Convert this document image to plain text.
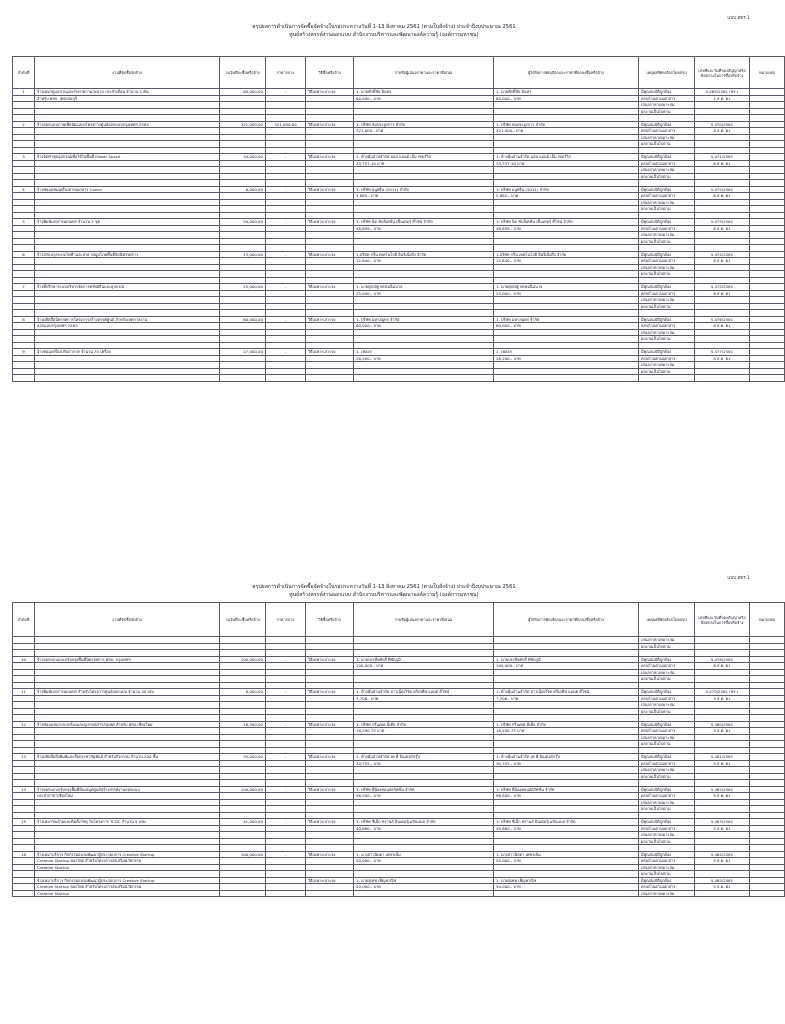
แบบ สขร.1
สรุปผลการดำเนินการจัดซื้อจัดจ้างในรอบระหว่างวันที่ 1-13 สิงหาคม 2561 (ตามใบสั่งจ้าง) ประจำปีงบประมาณ 2561
ศูนย์สร้างสรรค์งานออกแบบ สำนักงานบริหารและพัฒนาองค์ความรู้ (องค์การมหาชน)
ลำดับที่	งานที่จัดซื้อจัดจ้าง	วงเงินที่จะซื้อหรือจ้าง	ราคากลาง	วิธีซื้อหรือจ้าง	รายชื่อผู้เสนอราคาและราคาที่เสนอ	ผู้ได้รับการคัดเลือกและราคาที่ตกลงซื้อหรือจ้าง	เหตุผลที่คัดเลือกโดยสรุป	เลขที่และวันที่ของสัญญาหรือข้อตกลงในการซื้อหรือจ้าง	หมายเหตุ
1	จ้างเหมาดูแลสวนและรักษาความสะอาด ประจำเดือน จำนวน 1 คัน	60,000.00	-	วิธีเฉพาะเจาะจง	1. นายศักดิ์ชัย อินทร	1. นายศักดิ์ชัย อินทร	มีคุณสมบัติถูกต้อง	จ.469/2561 (ขร.)	
	สำหรับ ศสบ. สุพรรณบุรี				60,000.- บาท	60,000.- บาท	ครบถ้วนตามเอกสาร	1 ส.ค. 61	
							เสนอราคาเหมาะสม		
							ผลงานเป็นไปตาม		

2	จ้างออกแบบภาพเพื่อจัดแสดงโครงการศูนย์ออกแบบกรุงเทพฯ 2562	321,000.00	321,000.00	วิธีเฉพาะเจาะจง	1. บริษัท สมประยูรการ จำกัด	1. บริษัท สมประยูรการ จำกัด	มีคุณสมบัติถูกต้อง	จ.470/2561	
					321,000.- บาท	321,000.- บาท	ครบถ้วนตามเอกสาร	8 ส.ค. 61	
							เสนอราคาเหมาะสม		
							ผลงานเป็นไปตาม		

3	จ้างจัดทำชุดอุปกรณ์เพื่อใช้ในพื้นที่ Maker Space	34,000.00	-	วิธีเฉพาะเจาะจง	1. ห้างหุ้นส่วนจำกัด แอล แอนด์ เอ็ม เซอร์วิส	1. ห้างหุ้นส่วนจำกัด แอล แอนด์ เอ็ม เซอร์วิส	มีคุณสมบัติถูกต้อง	จ.471/2561	
					33,737.10 บาท	33,737.10 บาท	ครบถ้วนตามเอกสาร	8 ส.ค. 61	
							เสนอราคาเหมาะสม		
							ผลงานเป็นไปตาม		

4	จ้างซ่อมแซมเครื่องถ่ายเอกสาร Canon	6,000.00	-	วิธีเฉพาะเจาะจง	1. บริษัท อนุพรีน (2011) จำกัด	1. บริษัท อนุพรีน (2011) จำกัด	มีคุณสมบัติถูกต้อง	จ.472/2561	
					5,885.- บาท	5,885.- บาท	ครบถ้วนตามเอกสาร	8 ส.ค. 61	
							เสนอราคาเหมาะสม		
							ผลงานเป็นไปตาม		

5	จ้างพิมพ์เอกสารเผยแพร่ จำนวน 2 ชุด	50,000.00	-	วิธีเฉพาะเจาะจง	1. บริษัท นิด พับลิเคชั่น เซ็นเตอร์ ดีไซน์ จำกัด	1. บริษัท นิด พับลิเคชั่น เซ็นเตอร์ ดีไซน์ จำกัด	มีคุณสมบัติถูกต้อง	จ.473/2561	
					48,899.- บาท	48,899.- บาท	ครบถ้วนตามเอกสาร	8 ส.ค. 61	
							เสนอราคาเหมาะสม		
							ผลงานเป็นไปตาม		

6	จ้างปรับปรุงระบบไฟฟ้าและสาธารณูปโภคพื้นที่จัดนิทรรศการ	13,000.00	-	วิธีเฉพาะเจาะจง	1.บริษัท กรีน เทคโนโลยี อินจิเนียริ่ง จำกัด	1.บริษัท กรีน เทคโนโลยี อินจิเนียริ่ง จำกัด	มีคุณสมบัติถูกต้อง	จ.474/2561	
					12,840.- บาท	12,840.- บาท	ครบถ้วนตามเอกสาร	8 ส.ค. 61	
							เสนอราคาเหมาะสม		
							ผลงานเป็นไปตาม		

7	จ้างที่ปรึกษาระบบบริหารจัดการทรัพย์สินและอุปกรณ์	25,000.00	-	วิธีเฉพาะเจาะจง	1. นายศุภณัฐ พรหมนิ่มนวล	1. นายศุภณัฐ พรหมนิ่มนวล	มีคุณสมบัติถูกต้อง	จ.475/2561	
					25,000.- บาท	25,000.- บาท	ครบถ้วนตามเอกสาร	8 ส.ค. 61	
							เสนอราคาเหมาะสม		
							ผลงานเป็นไปตาม		

8	จ้างผลิตสื่อนิทรรศการโครงการสร้างสรรค์ศูนย์ สำหรับเทศกาลงาน	60,000.00	-	วิธีเฉพาะเจาะจง	1. บริษัท มหาสมุทร จำกัด	1. บริษัท มหาสมุทร จำกัด	มีคุณสมบัติถูกต้อง	จ.476/2561	
	ออกแบบกรุงเทพฯ 2562				60,000.- บาท	60,000.- บาท	ครบถ้วนตามเอกสาร	8 ส.ค. 61	
							เสนอราคาเหมาะสม		
							ผลงานเป็นไปตาม		

9	จ้างซ่อมเครื่องปรับอากาศ จำนวน 35 เครื่อง	27,000.00	-	วิธีเฉพาะเจาะจง	1. เฟลอร	1. เฟลอร	มีคุณสมบัติถูกต้อง	จ.477/2561	
					26,200.- บาท	26,200.- บาท	ครบถ้วนตามเอกสาร	8 ส.ค. 61	
							เสนอราคาเหมาะสม		
							ผลงานเป็นไปตาม		

แบบ สขร.1
สรุปผลการดำเนินการจัดซื้อจัดจ้างในรอบระหว่างวันที่ 1-13 สิงหาคม 2561 (ตามใบสั่งจ้าง) ประจำปีงบประมาณ 2561
ศูนย์สร้างสรรค์งานออกแบบ สำนักงานบริหารและพัฒนาองค์ความรู้ (องค์การมหาชน)
ลำดับที่	งานที่จัดซื้อจัดจ้าง	วงเงินที่จะซื้อหรือจ้าง	ราคากลาง	วิธีซื้อหรือจ้าง	รายชื่อผู้เสนอราคาและราคาที่เสนอ	ผู้ได้รับการคัดเลือกและราคาที่ตกลงซื้อหรือจ้าง	เหตุผลที่คัดเลือกโดยสรุป	เลขที่และวันที่ของสัญญาหรือข้อตกลงในการซื้อหรือจ้าง	หมายเหตุ
							เสนอราคาเหมาะสม		
							ผลงานเป็นไปตาม		

10	จ้างออกแบบและปรับปรุงพื้นที่นิทรรศการ ศสบ. กรุงเทพฯ	100,000.00	-	วิธีเฉพาะเจาะจง	1. นายบรรลือศักดิ์ พิชัยภูมิ	1. นายบรรลือศักดิ์ พิชัยภูมิ	มีคุณสมบัติถูกต้อง	จ.478/2561	
					100,000.- บาท	100,000.- บาท	ครบถ้วนตามเอกสาร	8 ส.ค. 61	
							เสนอราคาเหมาะสม		
							ผลงานเป็นไปตาม		

11	จ้างพิมพ์เอกสารเผยแพร่ สำหรับโครงการศูนย์ออกแบบ จำนวน 40 เล่ม	8,000.00	-	วิธีเฉพาะเจาะจง	1. ห้างหุ้นส่วนจำกัด ยาวเน็ตเวิร์ค ครีเอทีฟ แอนด์ ดีไซน์	1. ห้างหุ้นส่วนจำกัด ยาวเน็ตเวิร์ค ครีเอทีฟ แอนด์ ดีไซน์	มีคุณสมบัติถูกต้อง	จ.479/2561 (ขร.)	
					7,706.- บาท	7,706.- บาท	ครบถ้วนตามเอกสาร	9 ส.ค. 61	
							เสนอราคาเหมาะสม		
							ผลงานเป็นไปตาม		

12	จ้างซ่อมแซมระบบกล้องและอุปกรณ์สารสนเทศ สำหรับ ศสบ.เชียงใหม่	16,500.00	-	วิธีเฉพาะเจาะจง	1. บริษัท กรีนเทค มีเดีย จำกัด	1. บริษัท กรีนเทค มีเดีย จำกัด	มีคุณสมบัติถูกต้อง	จ.480/2561	
					16,290.75 บาท	16,290.75 บาท	ครบถ้วนตามเอกสาร	9 ส.ค. 61	
							เสนอราคาเหมาะสม		
							ผลงานเป็นไปตาม		

13	จ้างผลิตสื่อสิ่งพิมพ์และสื่อประชาสัมพันธ์ สำหรับกิจกรรม จำนวน 200 ชิ้น	35,000.00	-	วิธีเฉพาะเจาะจง	1. ห้างหุ้นส่วนจำกัด เค พี อินเตอร์กรุ๊ป	1. ห้างหุ้นส่วนจำกัด เค พี อินเตอร์กรุ๊ป	มีคุณสมบัติถูกต้อง	จ.481/2561	
					30,752.- บาท	30,752.- บาท	ครบถ้วนตามเอกสาร	9 ส.ค. 61	
							เสนอราคาเหมาะสม		
							ผลงานเป็นไปตาม		

14	จ้างออกแบบปรับปรุงพื้นที่ห้องสมุดศูนย์สร้างสรรค์งานออกแบบ	100,000.00	-	วิธีเฉพาะเจาะจง	1. บริษัท พี่น้องคอนสตรัคชั่น จำกัด	1. บริษัท พี่น้องคอนสตรัคชั่น จำกัด	มีคุณสมบัติถูกต้อง	จ.482/2561	
	ประจำสาขาเชียงใหม่				96,500.- บาท	96,500.- บาท	ครบถ้วนตามเอกสาร	9 ส.ค. 61	
							เสนอราคาเหมาะสม		
							ผลงานเป็นไปตาม		

15	จ้างเหมาขนย้ายและติดตั้งวัสดุ ในโครงการ TCDC จำนวน 5 แห่ง	41,000.00	-	วิธีเฉพาะเจาะจง	1. บริษัท ซีเอ็ก ทรานส์ อินเตอร์เนชั่นแนล จำกัด	1. บริษัท ซีเอ็ก ทรานส์ อินเตอร์เนชั่นแนล จำกัด	มีคุณสมบัติถูกต้อง	จ.483/2561	
					40,660.- บาท	40,660.- บาท	ครบถ้วนตามเอกสาร	9 ส.ค. 61	
							เสนอราคาเหมาะสม		
							ผลงานเป็นไปตาม		

16	จ้างเหมาบริการ กิจกรรมอบรมพัฒนาผู้ประกอบการ Creative Startup	100,000.00	-	วิธีเฉพาะเจาะจง	1. นางสาวนิดดา เพชรเข้ม	1. นางสาวนิดดา เพชรเข้ม	มีคุณสมบัติถูกต้อง	จ.484/2561	
	Creative Startup ของไทย สำหรับโครงการส่งเสริมนวัตกรรม				50,000.- บาท	50,000.- บาท	ครบถ้วนตามเอกสาร	9 ส.ค. 61	
	Creative Startup						เสนอราคาเหมาะสม		
							ผลงานเป็นไปตาม		
	จ้างเหมาบริการ กิจกรรมอบรมพัฒนาผู้ประกอบการ Creative Startup			วิธีเฉพาะเจาะจง	1. นายสุเทพ เพ็ญพาณิช	1. นายสุเทพ เพ็ญพาณิช	มีคุณสมบัติถูกต้อง	จ.485/2561	
	Creative Startup ของไทย สำหรับโครงการส่งเสริมนวัตกรรม				50,000.- บาท	50,000.- บาท	ครบถ้วนตามเอกสาร	9 ส.ค. 61	
	Creative Startup						เสนอราคาเหมาะสม		
